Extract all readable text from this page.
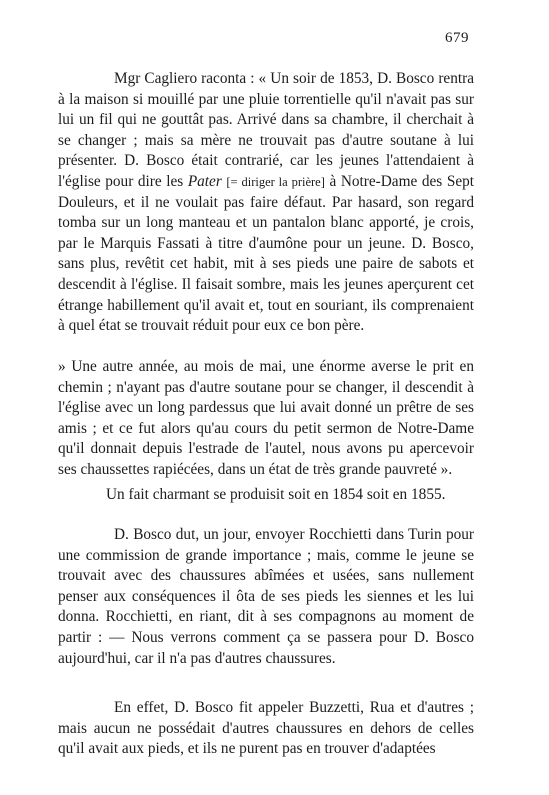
679

Mgr Cagliero raconta : « Un soir de 1853, D. Bosco rentra à la maison si mouillé par une pluie torrentielle qu'il n'avait pas sur lui un fil qui ne gouttât pas. Arrivé dans sa chambre, il cherchait à se changer ; mais sa mère ne trouvait pas d'autre soutane à lui présenter. D. Bosco était contrarié, car les jeunes l'attendaient à l'église pour dire les Pater [= diriger la prière] à Notre-Dame des Sept Douleurs, et il ne voulait pas faire défaut. Par hasard, son regard tomba sur un long manteau et un pantalon blanc apporté, je crois, par le Marquis Fassati à titre d'aumône pour un jeune. D. Bosco, sans plus, revêtit cet habit, mit à ses pieds une paire de sabots et descendit à l'église. Il faisait sombre, mais les jeunes aperçurent cet étrange habillement qu'il avait et, tout en souriant, ils comprenaient à quel état se trouvait réduit pour eux ce bon père.

» Une autre année, au mois de mai, une énorme averse le prit en chemin ; n'ayant pas d'autre soutane pour se changer, il descendit à l'église avec un long pardessus que lui avait donné un prêtre de ses amis ; et ce fut alors qu'au cours du petit sermon de Notre-Dame qu'il donnait depuis l'estrade de l'autel, nous avons pu apercevoir ses chaussettes rapiécées, dans un état de très grande pauvreté ».

Un fait charmant se produisit soit en 1854 soit en 1855.

D. Bosco dut, un jour, envoyer Rocchietti dans Turin pour une commission de grande importance ; mais, comme le jeune se trouvait avec des chaussures abîmées et usées, sans nullement penser aux conséquences il ôta de ses pieds les siennes et les lui donna. Rocchietti, en riant, dit à ses compagnons au moment de partir : — Nous verrons comment ça se passera pour D. Bosco aujourd'hui, car il n'a pas d'autres chaussures.

En effet, D. Bosco fit appeler Buzzetti, Rua et d'autres ; mais aucun ne possédait d'autres chaussures en dehors de celles qu'il avait aux pieds, et ils ne purent pas en trouver d'adaptées
